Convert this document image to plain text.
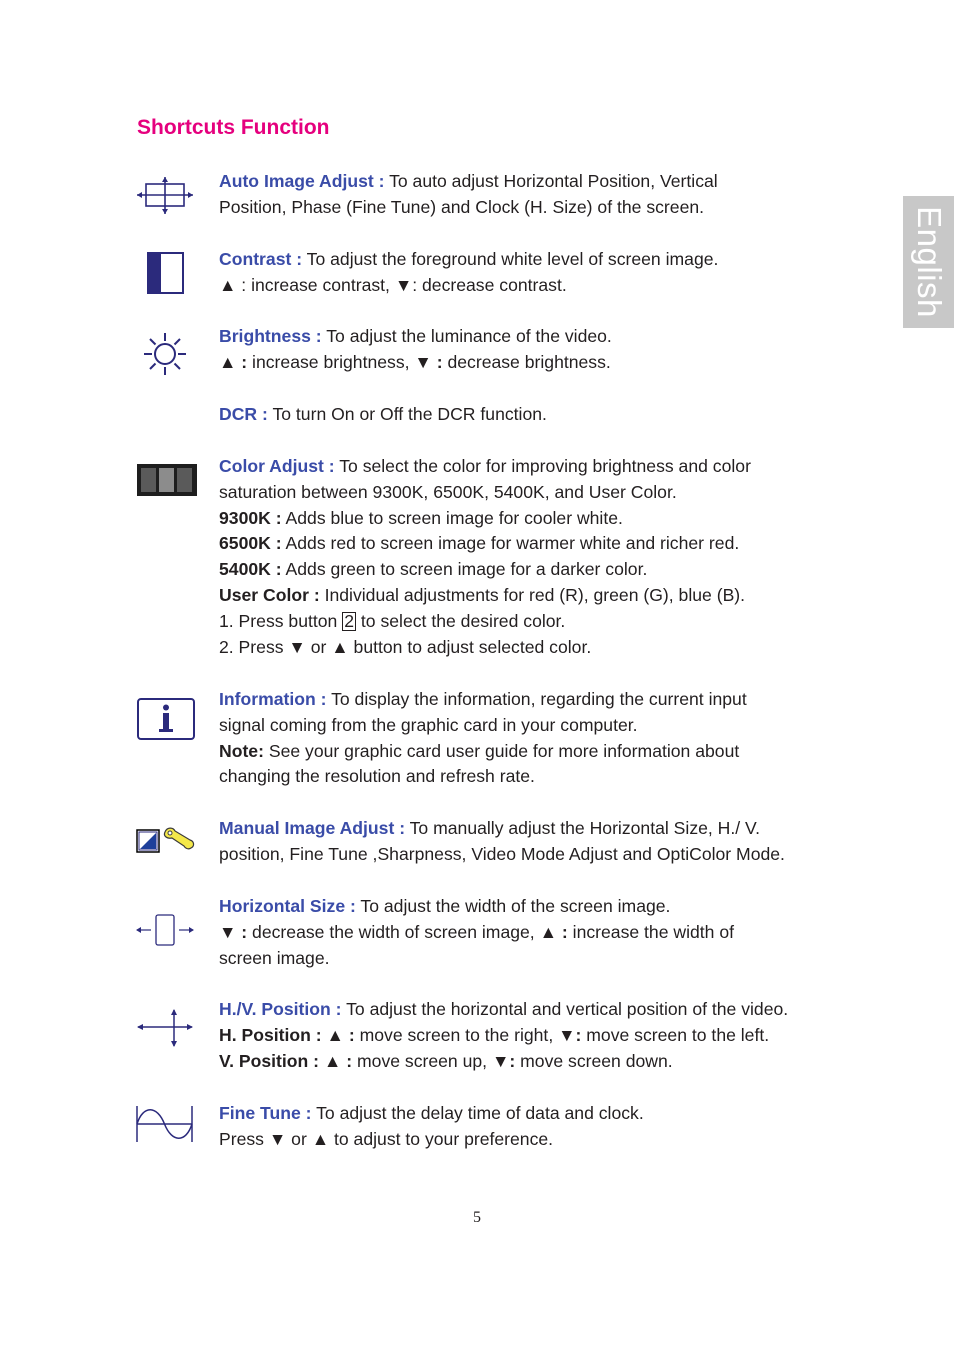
Shortcuts Function
English

Auto Image Adjust : To auto adjust Horizontal Position, Vertical

Position, Phase (Fine Tune) and Clock (H. Size) of the screen.

Contrast : To adjust the foreground white level of screen image.

▲ : increase contrast, ▼: decrease contrast.

Brightness : To adjust the luminance of the video.

▲ : increase brightness, ▼ : decrease brightness.

DCR : To turn On or Off the DCR function.

Color Adjust : To select the color for improving brightness and color

saturation between 9300K, 6500K, 5400K, and User Color.

9300K : Adds blue to screen image for cooler white.

6500K : Adds red to screen image for warmer white and richer red.

5400K : Adds green to screen image for a darker color.

User Color : Individual adjustments for red (R), green (G), blue (B).

1. Press button 2 to select the desired color.

2. Press ▼ or ▲ button to adjust selected color.

Information : To display the information, regarding the current input

signal coming from the graphic card in your computer.

Note: See your graphic card user guide for more information about

changing the resolution and refresh rate.

Manual Image Adjust : To manually adjust the Horizontal Size, H./ V.

position, Fine Tune ,Sharpness, Video Mode Adjust and OptiColor Mode.

Horizontal Size : To adjust the width of the screen image.

▼ : decrease the width of screen image, ▲ : increase the width of

screen image.

H./V. Position : To adjust the horizontal and vertical position of the video.

H. Position : ▲ : move screen to the right, ▼: move screen to the left.

V. Position : ▲ : move screen up, ▼: move screen down.

Fine Tune : To adjust the delay time of data and clock.

Press ▼ or ▲ to adjust to your preference.

5
